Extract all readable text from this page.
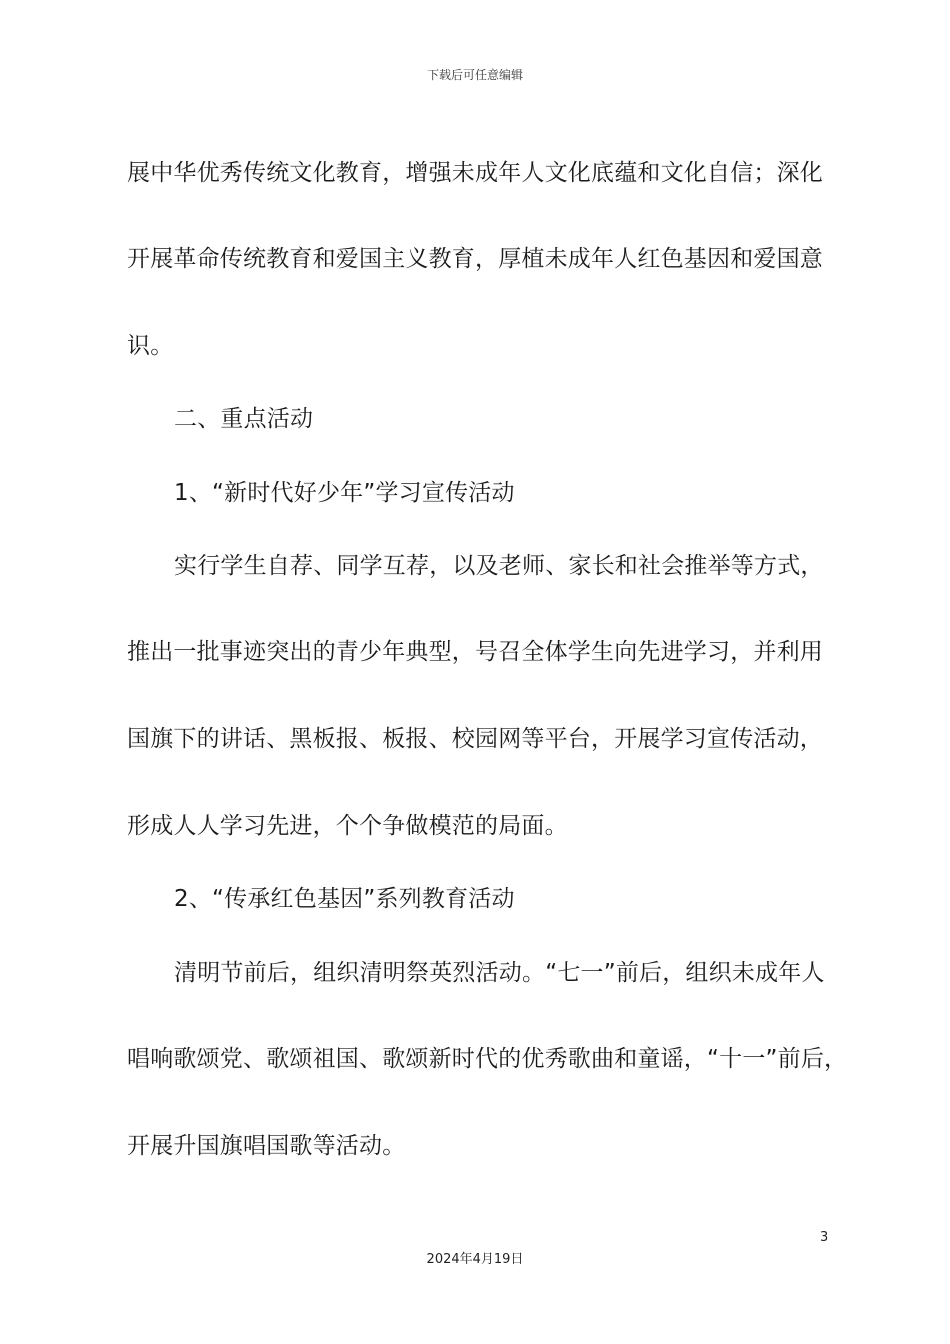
下载后可任意编辑
展中华优秀传统文化教育，增强未成年人文化底蕴和文化自信；深化
开展革命传统教育和爱国主义教育，厚植未成年人红色基因和爱国意
识。
二、重点活动
1、“新时代好少年”学习宣传活动
实行学生自荐、同学互荐，以及老师、家长和社会推举等方式，
推出一批事迹突出的青少年典型，号召全体学生向先进学习，并利用
国旗下的讲话、黑板报、板报、校园网等平台，开展学习宣传活动，
形成人人学习先进，个个争做模范的局面。
2、“传承红色基因”系列教育活动
清明节前后，组织清明祭英烈活动。“七一”前后，组织未成年人
唱响歌颂党、歌颂祖国、歌颂新时代的优秀歌曲和童谣，“十一”前后，
开展升国旗唱国歌等活动。
3
2024年4月19日
